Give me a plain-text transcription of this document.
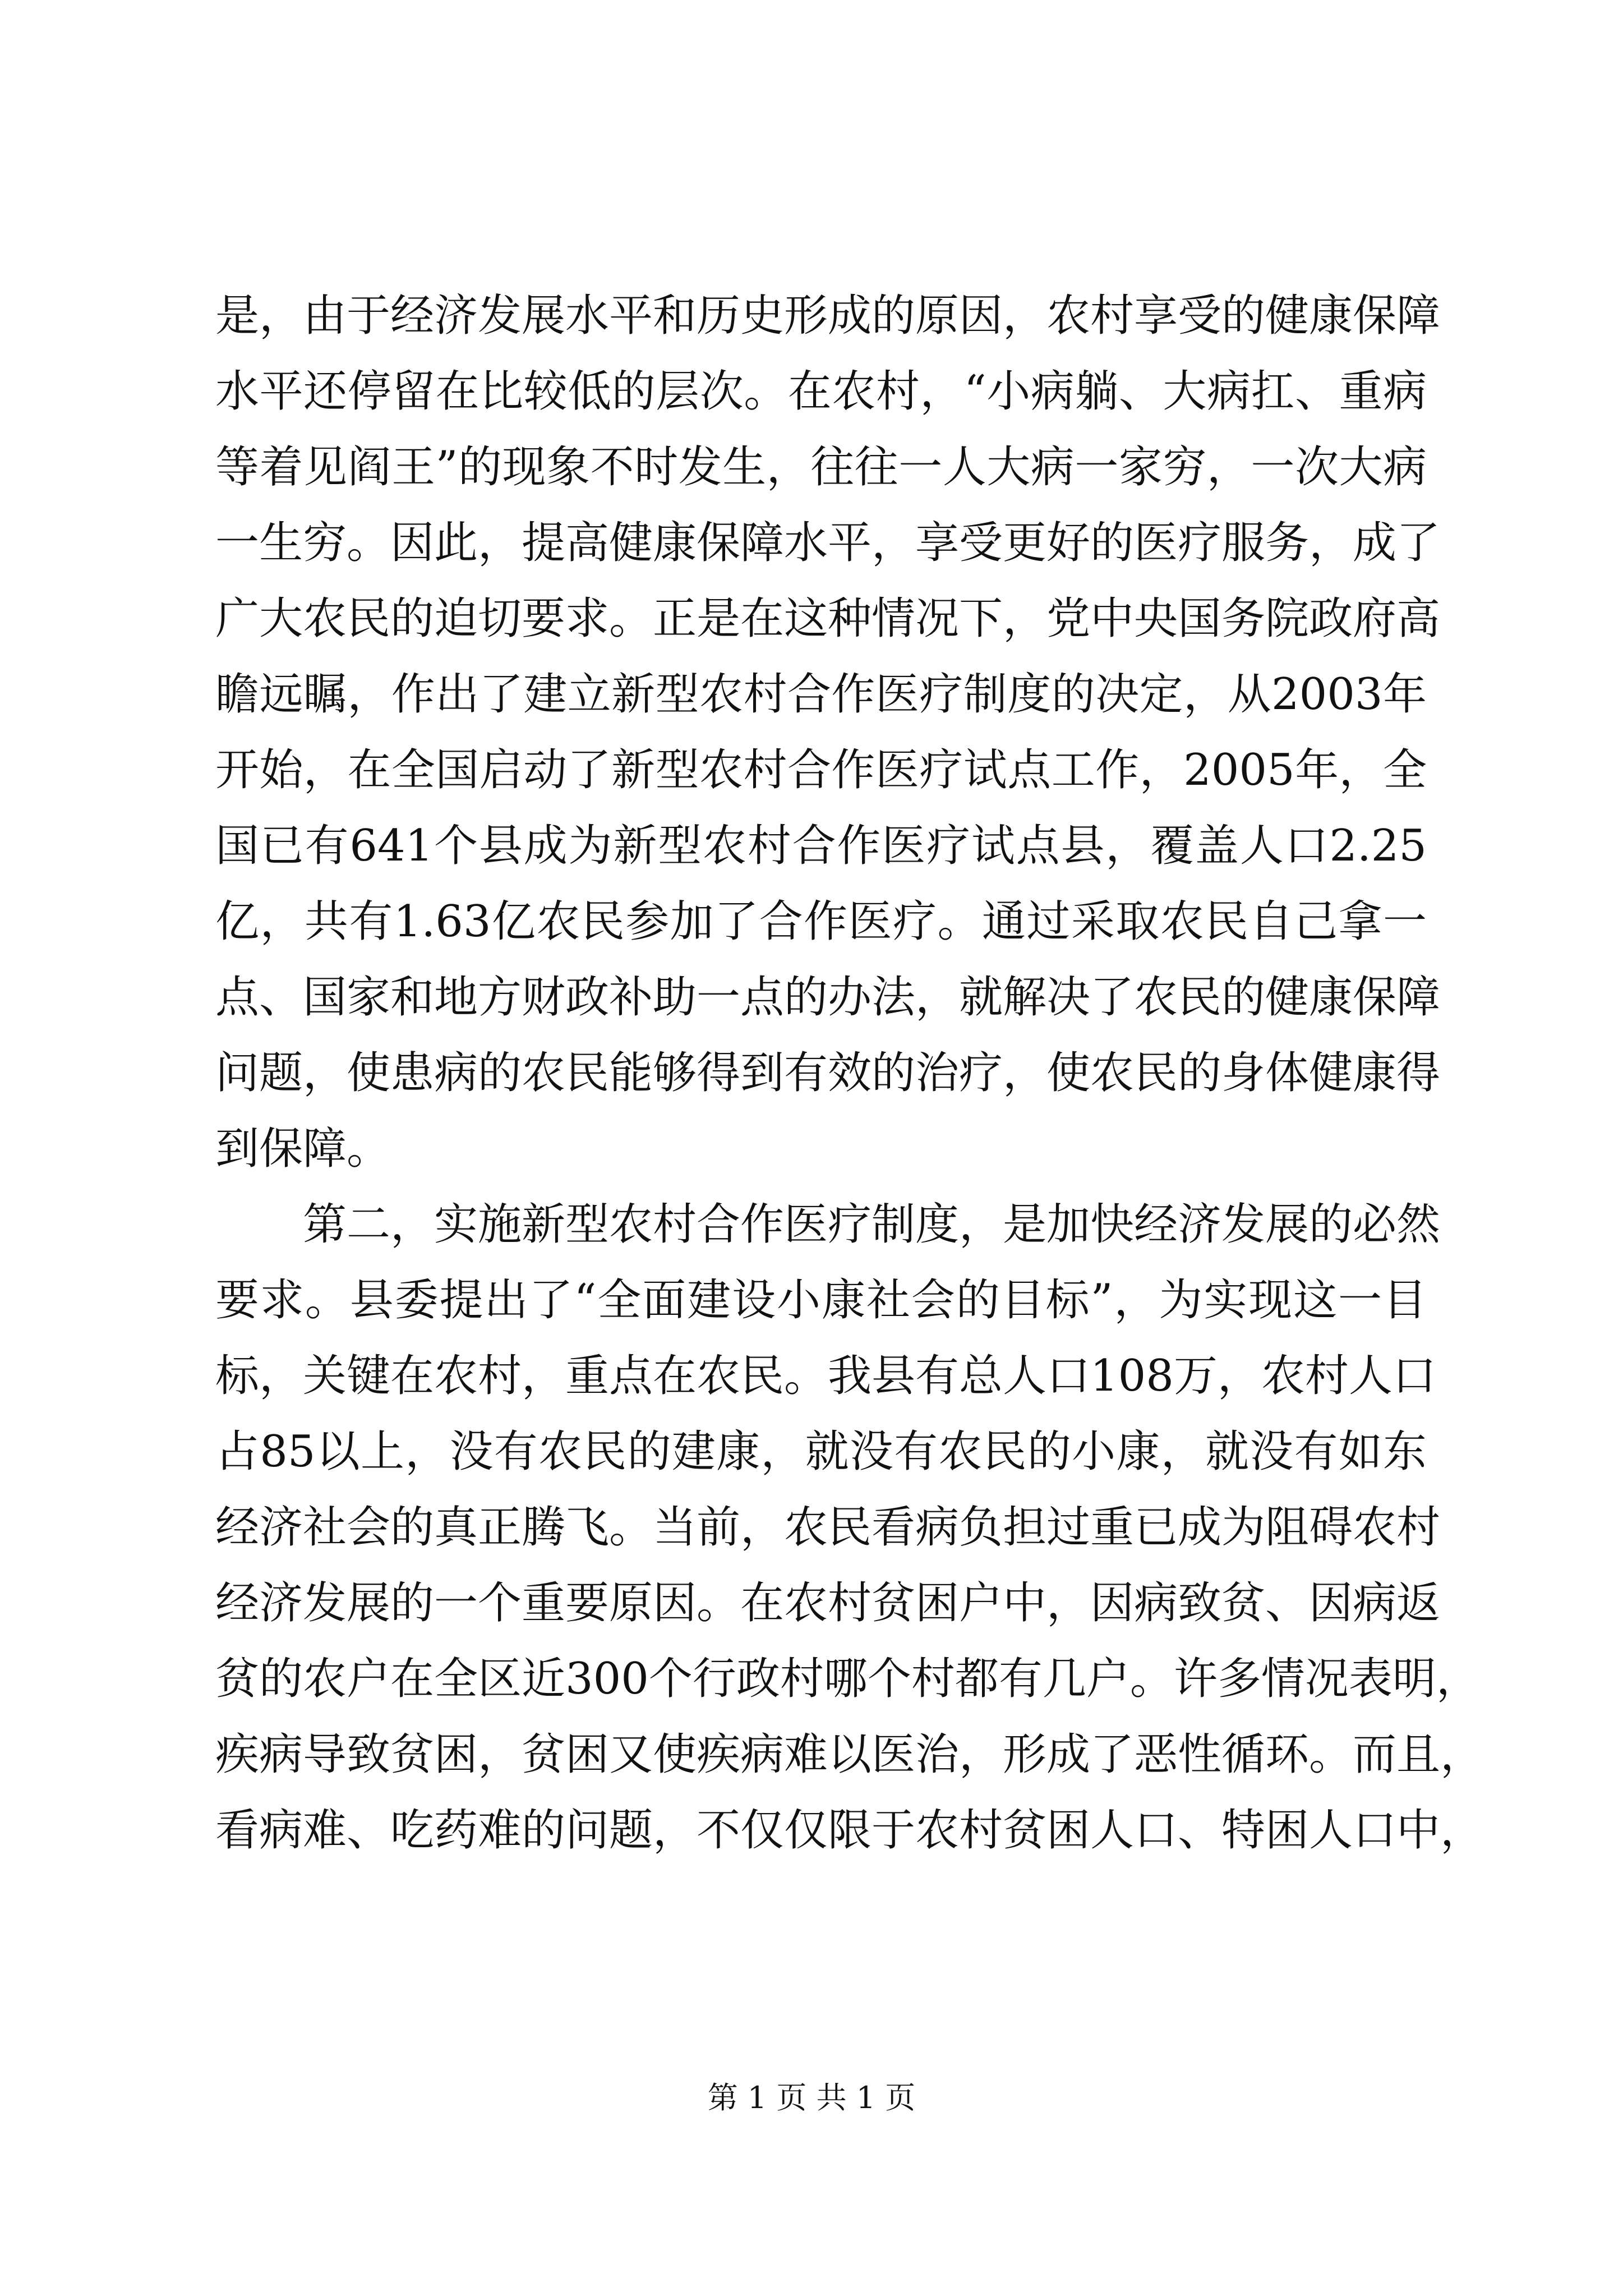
是，由于经济发展水平和历史形成的原因，农村享受的健康保障
水平还停留在比较低的层次。在农村，“小病躺、大病扛、重病
等着见阎王”的现象不时发生，往往一人大病一家穷，一次大病
一生穷。因此，提高健康保障水平，享受更好的医疗服务，成了
广大农民的迫切要求。正是在这种情况下，党中央国务院政府高
瞻远瞩，作出了建立新型农村合作医疗制度的决定，从2003年
开始，在全国启动了新型农村合作医疗试点工作，2005年，全
国已有641个县成为新型农村合作医疗试点县，覆盖人口2.25
亿，共有1.63亿农民参加了合作医疗。通过采取农民自己拿一
点、国家和地方财政补助一点的办法，就解决了农民的健康保障
问题，使患病的农民能够得到有效的治疗，使农民的身体健康得
到保障。
第二，实施新型农村合作医疗制度，是加快经济发展的必然
要求。县委提出了“全面建设小康社会的目标”，为实现这一目
标，关键在农村，重点在农民。我县有总人口108万，农村人口
占85以上，没有农民的建康，就没有农民的小康，就没有如东
经济社会的真正腾飞。当前，农民看病负担过重已成为阻碍农村
经济发展的一个重要原因。在农村贫困户中，因病致贫、因病返
贫的农户在全区近300个行政村哪个村都有几户。许多情况表明，
疾病导致贫困，贫困又使疾病难以医治，形成了恶性循环。而且，
看病难、吃药难的问题，不仅仅限于农村贫困人口、特困人口中，
第 1 页 共 1 页
